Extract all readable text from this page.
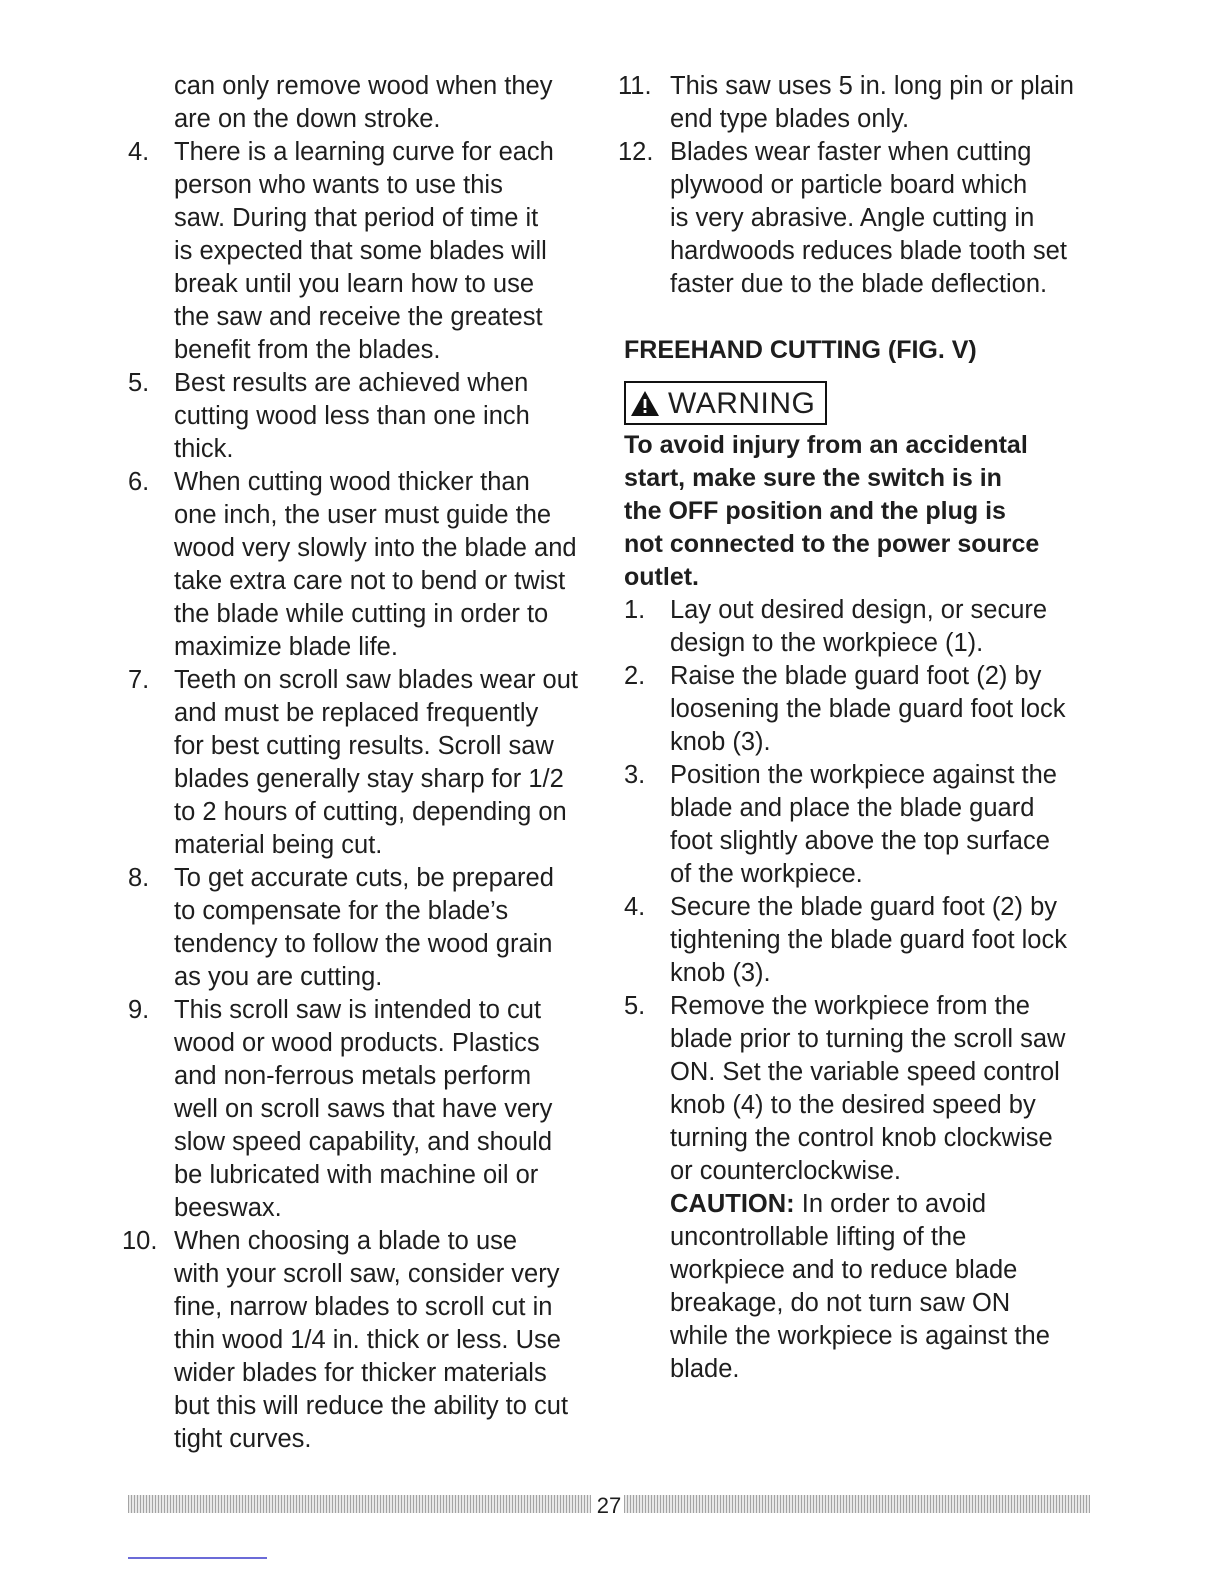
can only remove wood when they
are on the down stroke.

4. There is a learning curve for each
person who wants to use this
saw. During that period of time it
is expected that some blades will
break until you learn how to use
the saw and receive the greatest
benefit from the blades.

5. Best results are achieved when
cutting wood less than one inch
thick.

6. When cutting wood thicker than
one inch, the user must guide the
wood very slowly into the blade and
take extra care not to bend or twist
the blade while cutting in order to
maximize blade life.

7. Teeth on scroll saw blades wear out
and must be replaced frequently
for best cutting results. Scroll saw
blades generally stay sharp for 1/2
to 2 hours of cutting, depending on
material being cut.

8. To get accurate cuts, be prepared
to compensate for the blade’s
tendency to follow the wood grain
as you are cutting.

9. This scroll saw is intended to cut
wood or wood products. Plastics
and non-ferrous metals perform
well on scroll saws that have very
slow speed capability, and should
be lubricated with machine oil or
beeswax.

10. When choosing a blade to use
with your scroll saw, consider very
fine, narrow blades to scroll cut in
thin wood 1/4 in. thick or less. Use
wider blades for thicker materials
but this will reduce the ability to cut
tight curves.

11. This saw uses 5 in. long pin or plain
end type blades only.

12. Blades wear faster when cutting
plywood or particle board which
is very abrasive. Angle cutting in
hardwoods reduces blade tooth set
faster due to the blade deflection.

FREEHAND CUTTING (FIG. V)
WARNING
To avoid injury from an accidental
start, make sure the switch is in
the OFF position and the plug is
not connected to the power source
outlet.

1. Lay out desired design, or secure
design to the workpiece (1).

2. Raise the blade guard foot (2) by
loosening the blade guard foot lock
knob (3).

3. Position the workpiece against the
blade and place the blade guard
foot slightly above the top surface
of the workpiece.

4. Secure the blade guard foot (2) by
tightening the blade guard foot lock
knob (3).

5. Remove the workpiece from the
blade prior to turning the scroll saw
ON. Set the variable speed control
knob (4) to the desired speed by
turning the control knob clockwise
or counterclockwise.

CAUTION: In order to avoid
uncontrollable lifting of the
workpiece and to reduce blade
breakage, do not turn saw ON
while the workpiece is against the
blade.

27
